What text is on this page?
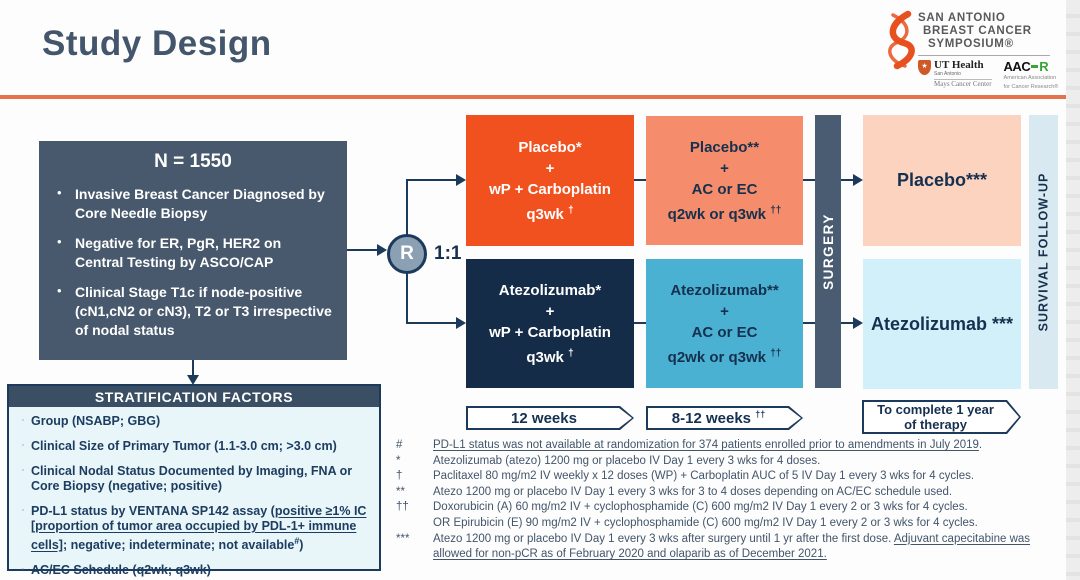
Study Design
SAN ANTONIO
BREAST CANCER
SYMPOSIUM®
★ UT Health
San Antonio
Mays Cancer Center
AAC R
American Association
for Cancer Research®
N = 1550
• Invasive Breast Cancer Diagnosed by Core Needle Biopsy
• Negative for ER, PgR, HER2 on Central Testing by ASCO/CAP
• Clinical Stage T1c if node-positive (cN1,cN2 or cN3), T2 or T3 irrespective of nodal status
R	1:1
Placebo*
+
wP + Carboplatin
q3wk †
Atezolizumab*
+
wP + Carboplatin
q3wk †
Placebo**
+
AC or EC
q2wk or q3wk ††
Atezolizumab**
+
AC or EC
q2wk or q3wk ††
Placebo***
Atezolizumab ***
SURGERY	SURVIVAL FOLLOW-UP
12 weeks	8-12 weeks ††	To complete 1 year
of therapy
STRATIFICATION FACTORS
· Group (NSABP; GBG)
· Clinical Size of Primary Tumor (1.1-3.0 cm; >3.0 cm)
· Clinical Nodal Status Documented by Imaging, FNA or Core Biopsy (negative; positive)
· PD-L1 status by VENTANA SP142 assay (positive ≥1% IC [proportion of tumor area occupied by PDL-1+ immune cells]; negative; indeterminate; not available#)
· AC/EC Schedule (q2wk; q3wk)
#	PD-L1 status was not available at randomization for 374 patients enrolled prior to amendments in July 2019.
*	Atezolizumab (atezo) 1200 mg or placebo IV Day 1 every 3 wks for 4 doses.
†	Paclitaxel 80 mg/m2 IV weekly x 12 doses (WP) + Carboplatin AUC of 5 IV Day 1 every 3 wks for 4 cycles.
**	Atezo 1200 mg or placebo IV Day 1 every 3 wks for 3 to 4 doses depending on AC/EC schedule used.
††	Doxorubicin (A) 60 mg/m2 IV + cyclophosphamide (C) 600 mg/m2 IV Day 1 every 2 or 3 wks for 4 cycles.
OR Epirubicin (E) 90 mg/m2 IV + cyclophosphamide (C) 600 mg/m2 IV Day 1 every 2 or 3 wks for 4 cycles.
***	Atezo 1200 mg or placebo IV Day 1 every 3 wks after surgery until 1 yr after the first dose. Adjuvant capecitabine was allowed for non-pCR as of February 2020 and olaparib as of December 2021.
